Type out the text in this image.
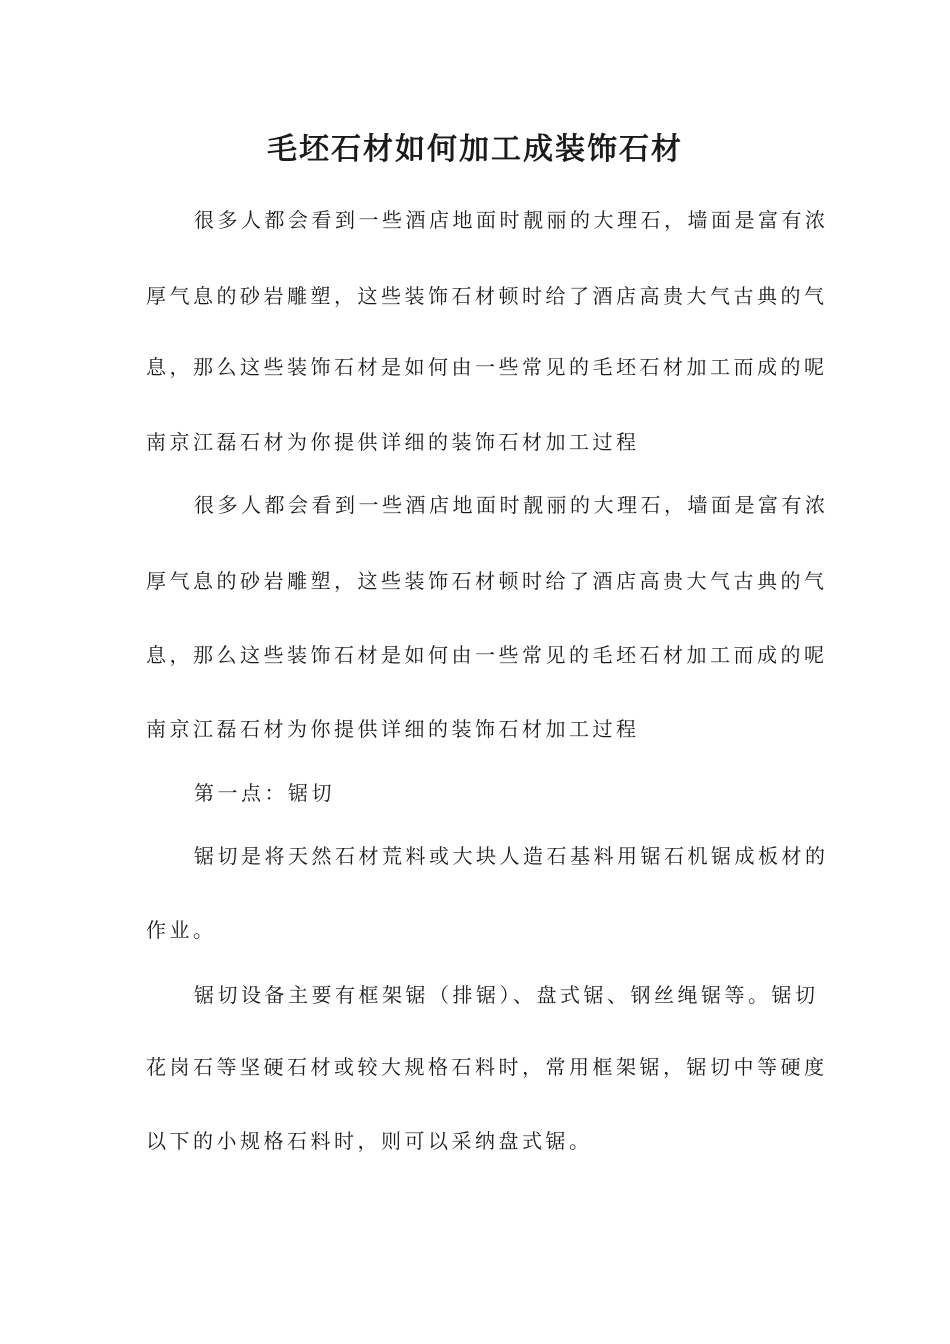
毛坯石材如何加工成装饰石材
很多人都会看到一些酒店地面时靓丽的大理石，墙面是富有浓
厚气息的砂岩雕塑，这些装饰石材顿时给了酒店高贵大气古典的气
息，那么这些装饰石材是如何由一些常见的毛坯石材加工而成的呢
南京江磊石材为你提供详细的装饰石材加工过程
很多人都会看到一些酒店地面时靓丽的大理石，墙面是富有浓
厚气息的砂岩雕塑，这些装饰石材顿时给了酒店高贵大气古典的气
息，那么这些装饰石材是如何由一些常见的毛坯石材加工而成的呢
南京江磊石材为你提供详细的装饰石材加工过程
第一点：锯切
锯切是将天然石材荒料或大块人造石基料用锯石机锯成板材的
作业。
锯切设备主要有框架锯（排锯）、盘式锯、钢丝绳锯等。锯切
花岗石等坚硬石材或较大规格石料时，常用框架锯，锯切中等硬度
以下的小规格石料时，则可以采纳盘式锯。
